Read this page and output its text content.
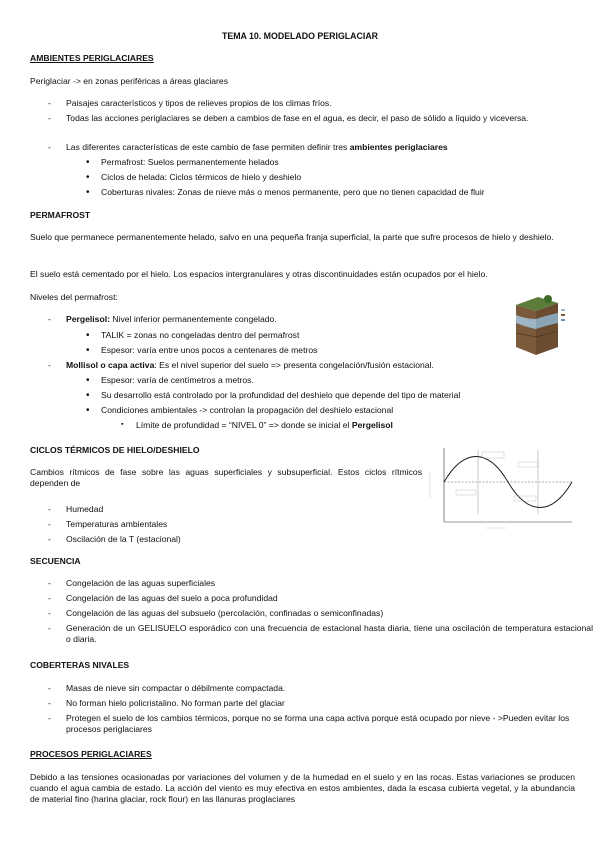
TEMA 10. MODELADO PERIGLACIAR
AMBIENTES PERIGLACIARES
Periglaciar -> en zonas periféricas a áreas glaciares
- Paisajes característicos y tipos de relieves propios de los climas fríos.
- Todas las acciones periglaciares se deben a cambios de fase en el agua, es decir, el paso de sólido a líquido y viceversa.
- Las diferentes características de este cambio de fase permiten definir tres ambientes periglaciares
• Permafrost: Suelos permanentemente helados
• Ciclos de helada: Ciclos térmicos de hielo y deshielo
• Coberturas nivales: Zonas de nieve más o menos permanente, pero que no tienen capacidad de fluir
PERMAFROST
Suelo que permanece permanentemente helado, salvo en una pequeña franja superficial, la parte que sufre procesos de hielo y deshielo.
El suelo está cementado por el hielo. Los espacios intergranulares y otras discontinuidades están ocupados por el hielo.
Niveles del permafrost:
- Pergelisol: Nivel inferior permanentemente congelado.
• TALIK = zonas no congeladas dentro del permafrost
• Espesor: varía entre unos pocos a centenares de metros
- Mollisol o capa activa: Es el nivel superior del suelo => presenta congelación/fusión estacional.
• Espesor: varía de centímetros a metros.
• Su desarrollo está controlado por la profundidad del deshielo que depende del tipo de material
• Condiciones ambientales -> controlan la propagación del deshielo estacional
▪ Límite de profundidad = “NIVEL 0” => donde se inicial el Pergelisol
CICLOS TÉRMICOS DE HIELO/DESHIELO
Cambios rítmicos de fase sobre las aguas superficiales y subsuperficial. Estos ciclos rítmicos dependen de
- Humedad
- Temperaturas ambientales
- Oscilación de la T (estacional)
SECUENCIA
- Congelación de las aguas superficiales
- Congelación de las aguas del suelo a poca profundidad
- Congelación de las aguas del subsuelo (percolación, confinadas o semiconfinadas)
- Generación de un GELISUELO esporádico con una frecuencia de estacional hasta diaria, tiene una oscilación de temperatura estacional o diaria.
COBERTERAS NIVALES
- Masas de nieve sin compactar o débilmente compactada.
- No forman hielo policristalino. No forman parte del glaciar
- Protegen el suelo de los cambios térmicos, porque no se forma una capa activa porque está ocupado por nieve - >Pueden evitar los procesos periglaciares
PROCESOS PERIGLACIARES
Debido a las tensiones ocasionadas por variaciones del volumen y de la humedad en el suelo y en las rocas. Estas variaciones se producen cuando el agua cambia de estado. La acción del viento es muy efectiva en estos ambientes, dada la escasa cubierta vegetal, y la abundancia de material fino (harina glaciar, rock flour) en las llanuras proglaciares
